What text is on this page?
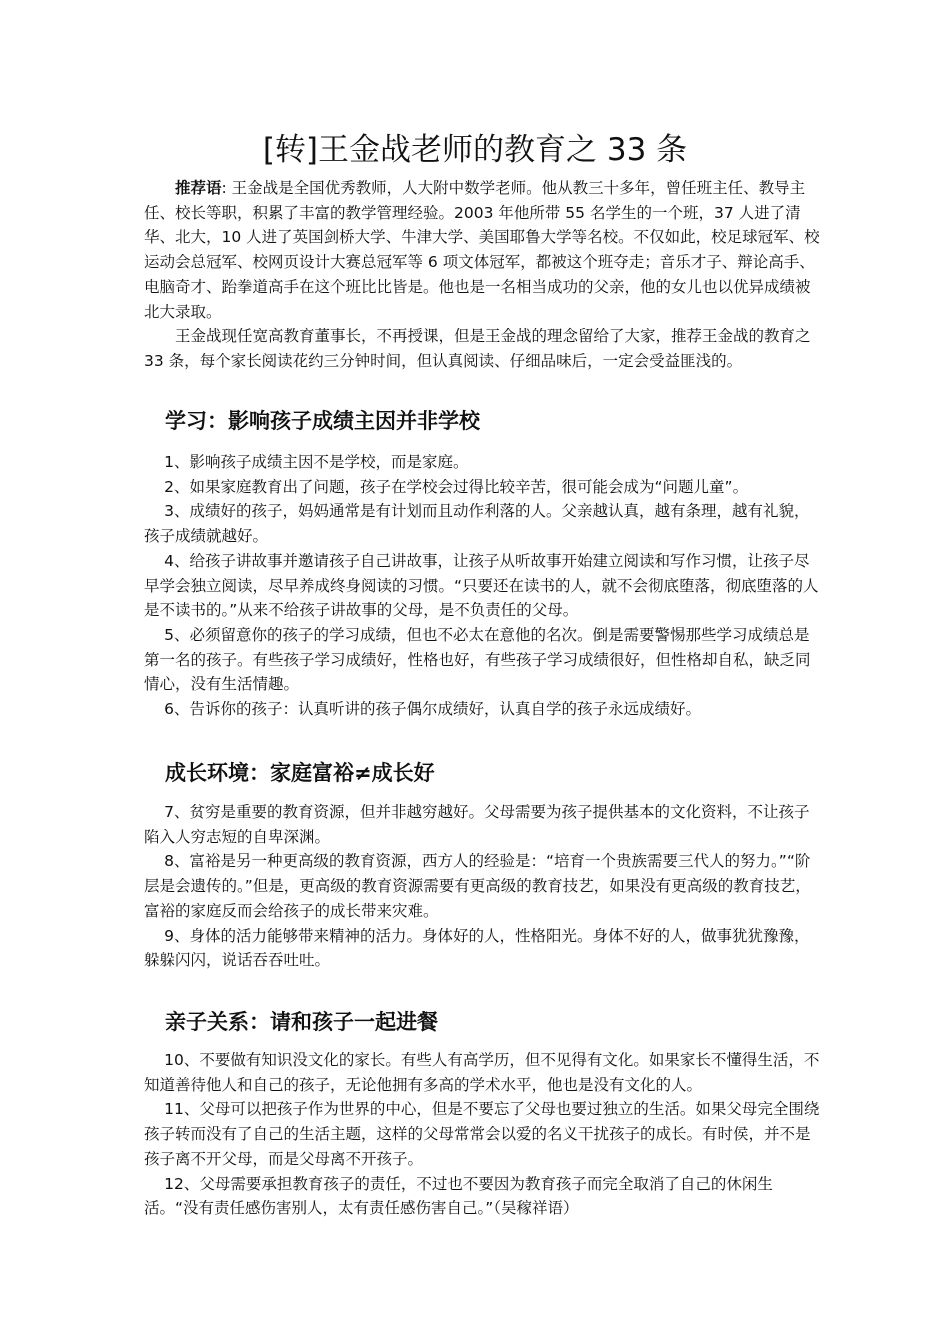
[转]王金战老师的教育之 33 条

推荐语: 王金战是全国优秀教师，人大附中数学老师。他从教三十多年，曾任班主任、教导主任、校长等职，积累了丰富的教学管理经验。2003 年他所带 55 名学生的一个班，37 人进了清华、北大，10 人进了英国剑桥大学、牛津大学、美国耶鲁大学等名校。不仅如此，校足球冠军、校运动会总冠军、校网页设计大赛总冠军等 6 项文体冠军，都被这个班夺走；音乐才子、辩论高手、电脑奇才、跆拳道高手在这个班比比皆是。他也是一名相当成功的父亲，他的女儿也以优异成绩被北大录取。

王金战现任宽高教育董事长，不再授课，但是王金战的理念留给了大家，推荐王金战的教育之 33 条，每个家长阅读花约三分钟时间，但认真阅读、仔细品味后，一定会受益匪浅的。

学习：影响孩子成绩主因并非学校
1、影响孩子成绩主因不是学校，而是家庭。
2、如果家庭教育出了问题，孩子在学校会过得比较辛苦，很可能会成为“问题儿童”。
3、成绩好的孩子，妈妈通常是有计划而且动作利落的人。父亲越认真，越有条理，越有礼貌，孩子成绩就越好。
4、给孩子讲故事并邀请孩子自己讲故事，让孩子从听故事开始建立阅读和写作习惯，让孩子尽早学会独立阅读，尽早养成终身阅读的习惯。“只要还在读书的人，就不会彻底堕落，彻底堕落的人是不读书的。”从来不给孩子讲故事的父母，是不负责任的父母。
5、必须留意你的孩子的学习成绩，但也不必太在意他的名次。倒是需要警惕那些学习成绩总是第一名的孩子。有些孩子学习成绩好，性格也好，有些孩子学习成绩很好，但性格却自私，缺乏同情心，没有生活情趣。
6、告诉你的孩子：认真听讲的孩子偶尔成绩好，认真自学的孩子永远成绩好。
成长环境：家庭富裕≠成长好
7、贫穷是重要的教育资源，但并非越穷越好。父母需要为孩子提供基本的文化资料，不让孩子陷入人穷志短的自卑深渊。
8、富裕是另一种更高级的教育资源，西方人的经验是：“培育一个贵族需要三代人的努力。”“阶层是会遗传的。”但是，更高级的教育资源需要有更高级的教育技艺，如果没有更高级的教育技艺，富裕的家庭反而会给孩子的成长带来灾难。
9、身体的活力能够带来精神的活力。身体好的人，性格阳光。身体不好的人，做事犹犹豫豫，躲躲闪闪，说话吞吞吐吐。
亲子关系：请和孩子一起进餐
10、不要做有知识没文化的家长。有些人有高学历，但不见得有文化。如果家长不懂得生活，不知道善待他人和自己的孩子，无论他拥有多高的学术水平，他也是没有文化的人。
11、父母可以把孩子作为世界的中心，但是不要忘了父母也要过独立的生活。如果父母完全围绕孩子转而没有了自己的生活主题，这样的父母常常会以爱的名义干扰孩子的成长。有时侯，并不是孩子离不开父母，而是父母离不开孩子。
12、父母需要承担教育孩子的责任，不过也不要因为教育孩子而完全取消了自己的休闲生活。“没有责任感伤害别人，太有责任感伤害自己。”（吴稼祥语）
